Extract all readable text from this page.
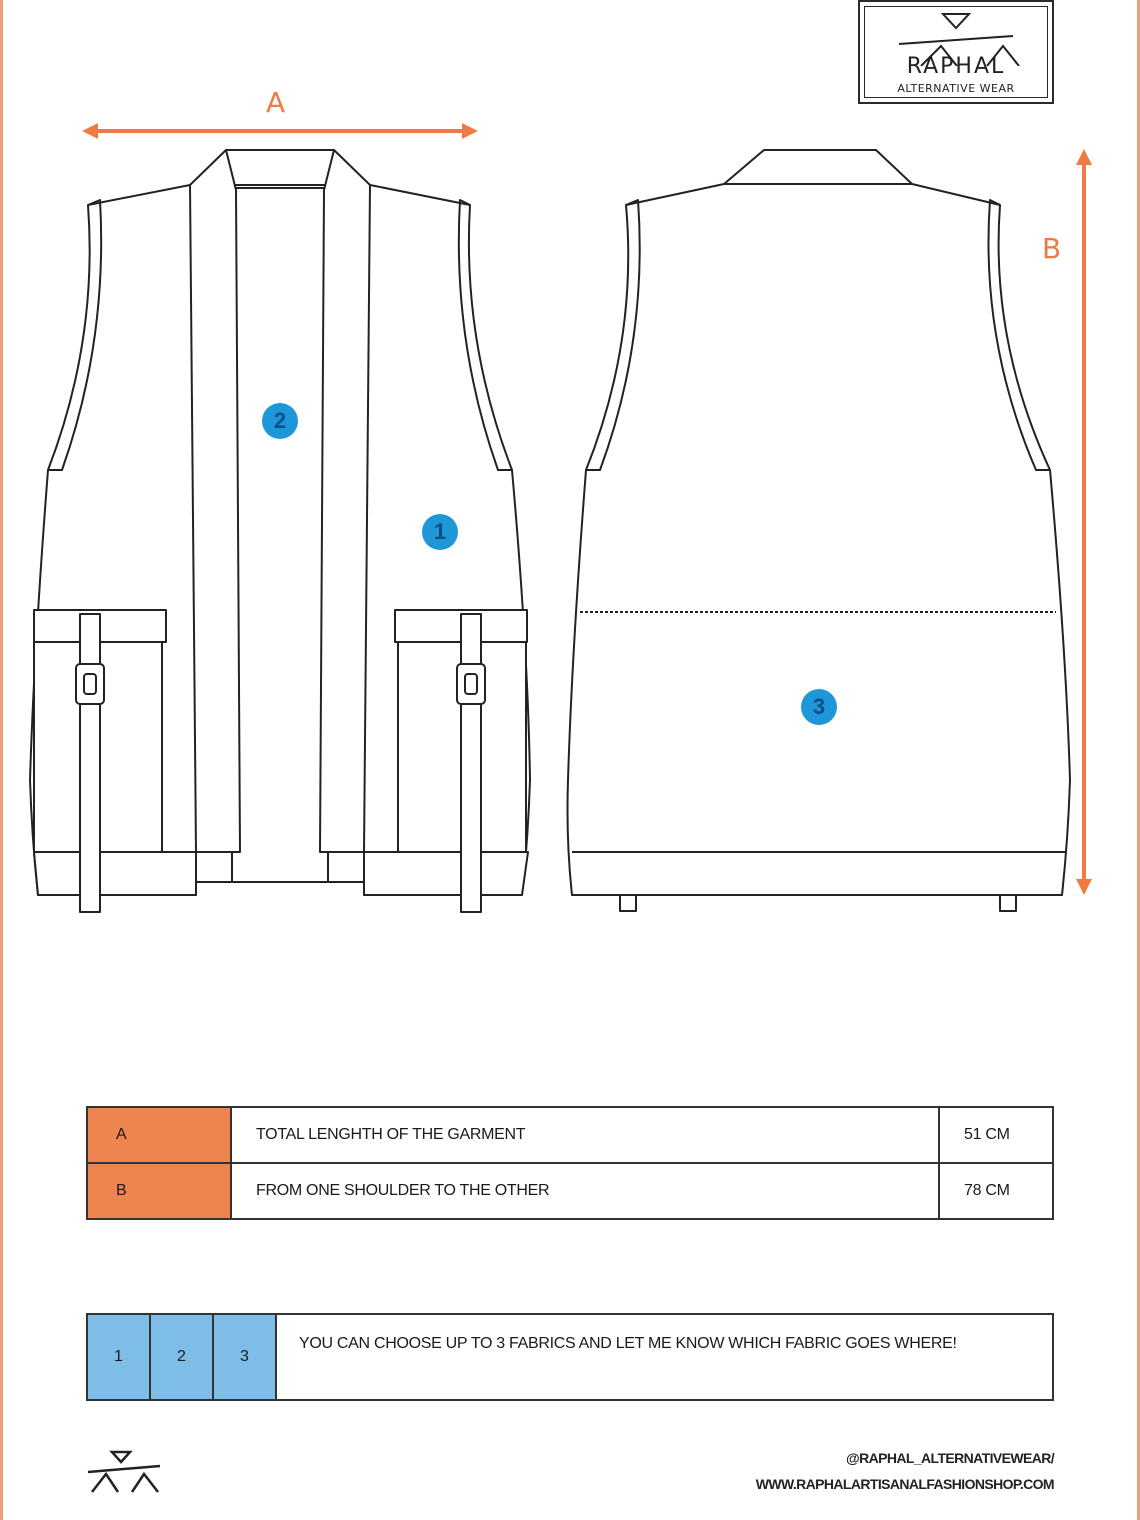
A
B
2
1
3
RAPHAL
ALTERNATIVE WEAR
A	TOTAL LENGHTH OF THE GARMENT	51 CM
B	FROM ONE SHOULDER TO THE OTHER	78 CM
1	2	3	YOU CAN CHOOSE UP TO 3 FABRICS AND LET ME KNOW WHICH FABRIC GOES WHERE!
@RAPHAL_ALTERNATIVEWEAR/
WWW.RAPHALARTISANALFASHIONSHOP.COM
